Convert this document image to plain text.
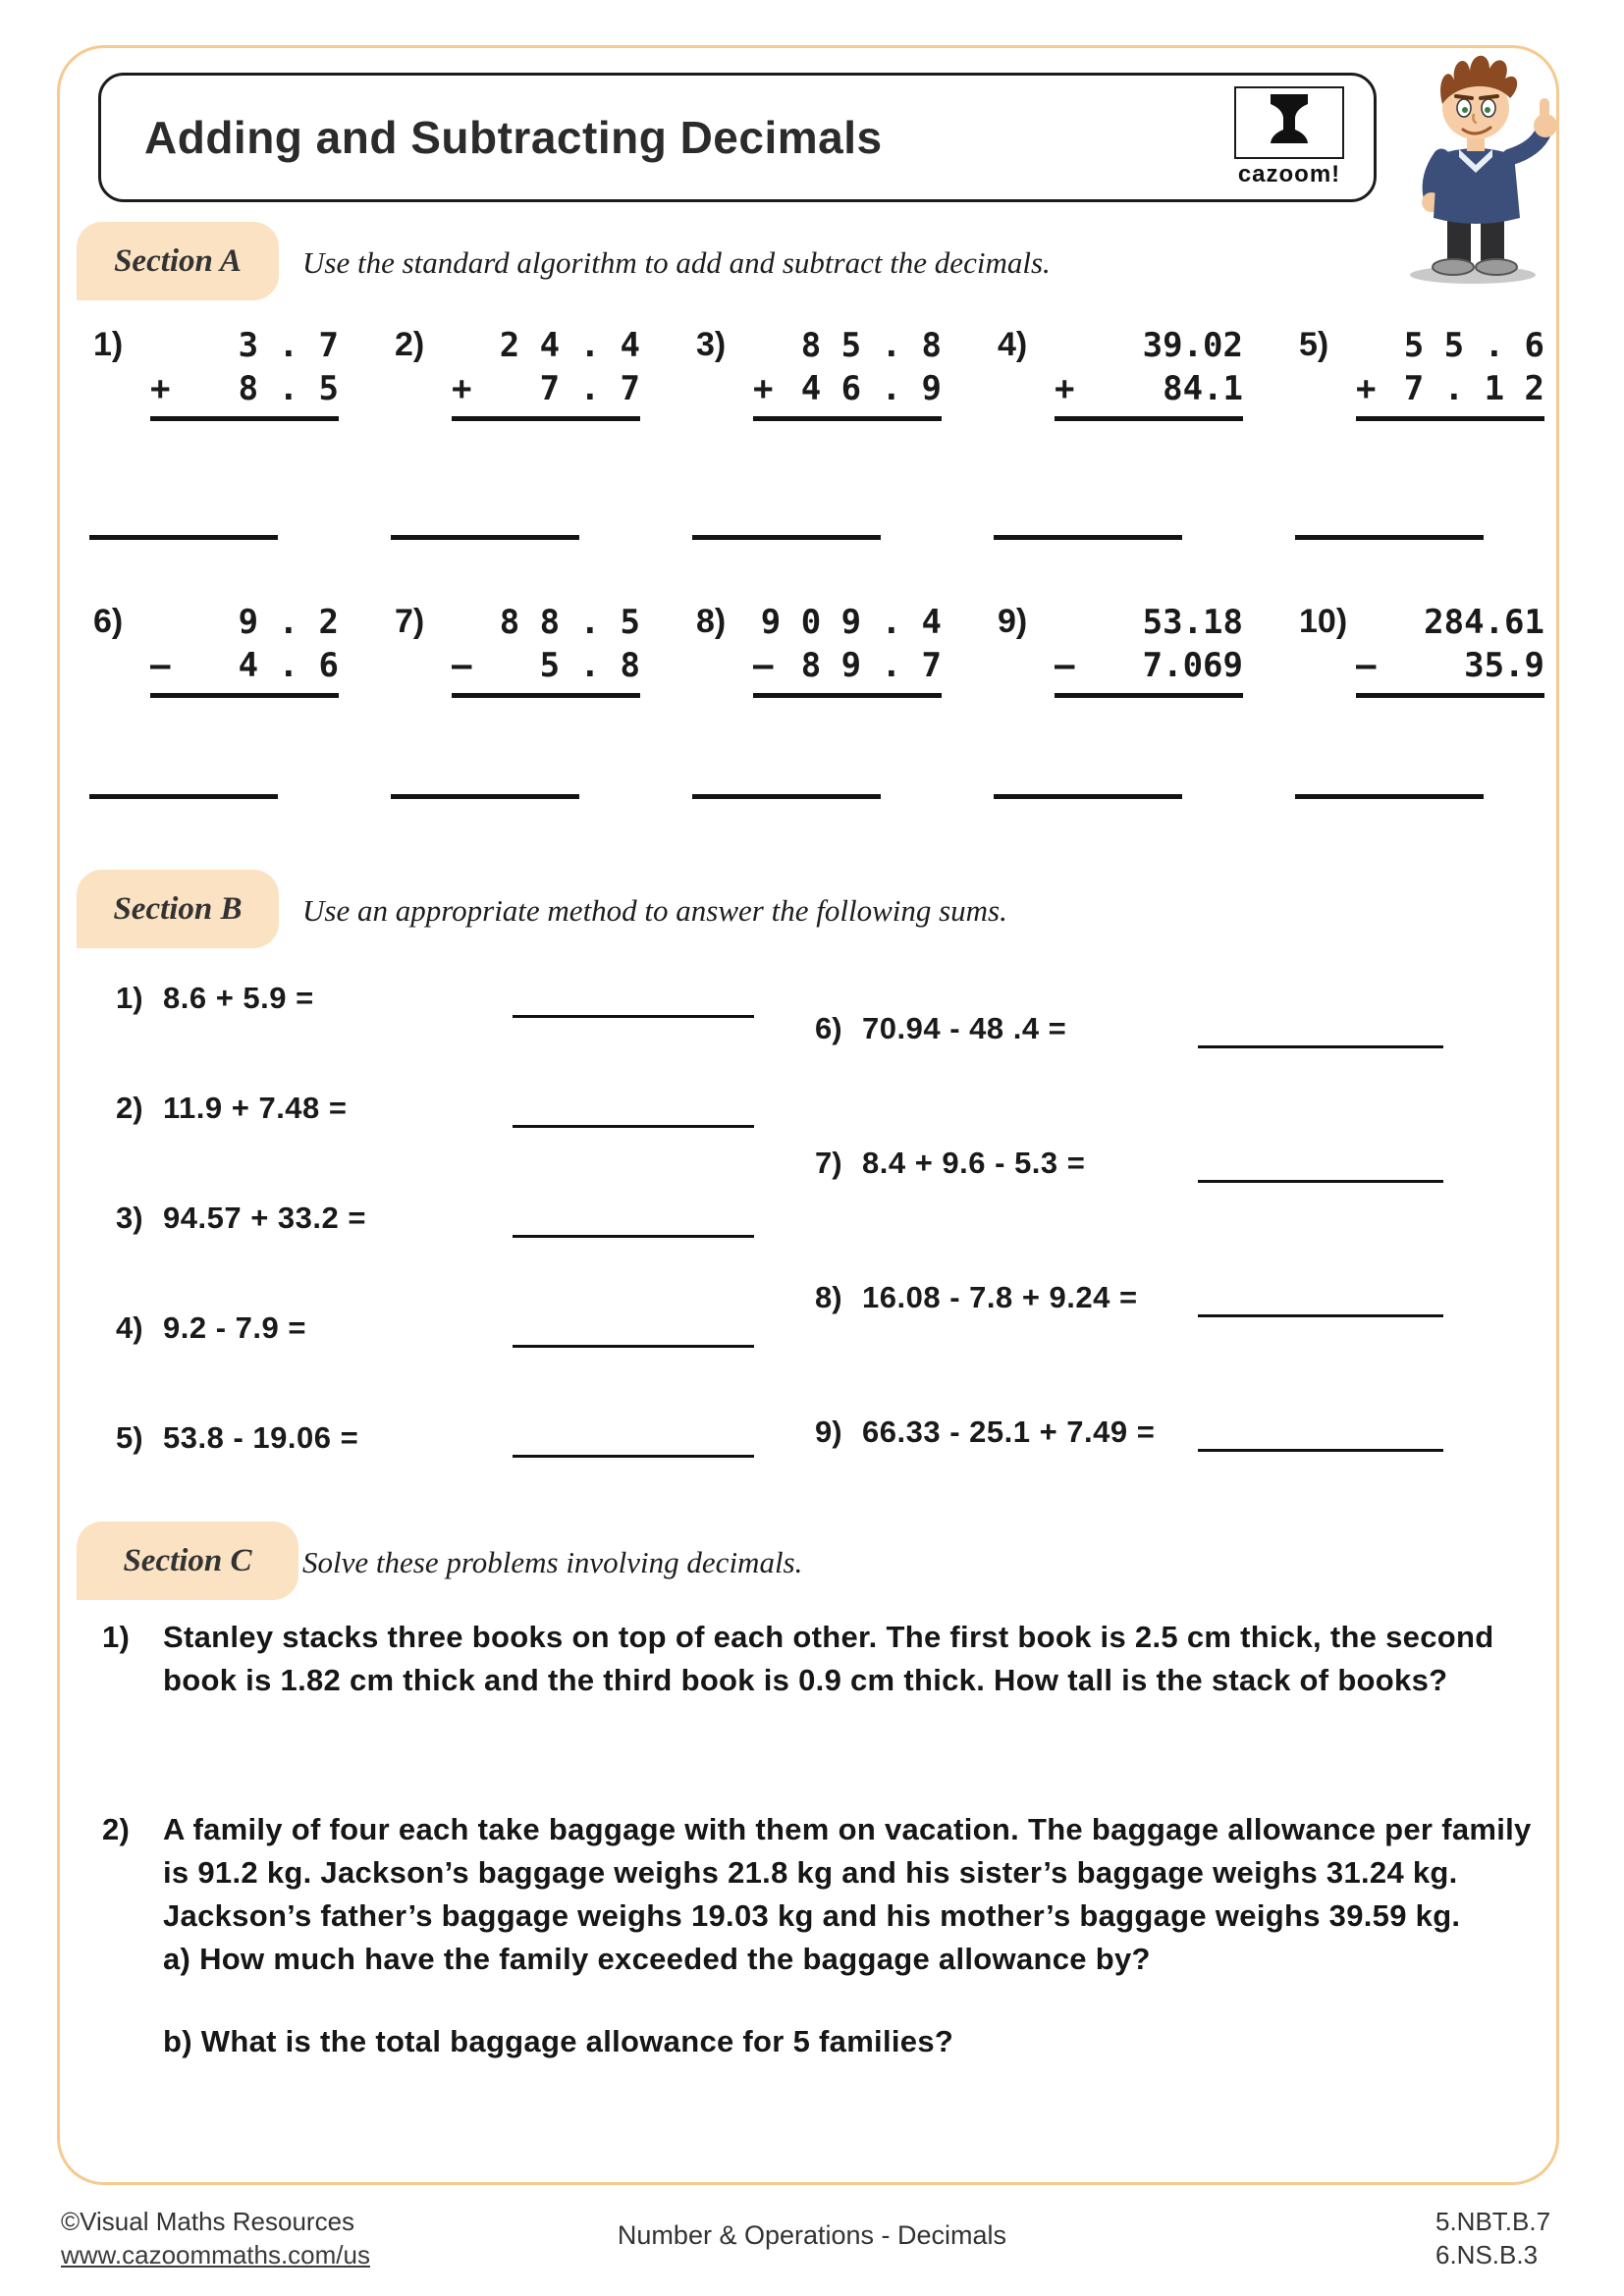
Adding and Subtracting Decimals
cazoom!
Section A	Use the standard algorithm to add and subtract the decimals.
1)	3 . 7
+ 8 . 5
2)	2 4 . 4
+ 7 . 7
3)	8 5 . 8
+ 4 6 . 9
4)	39.02
+	84.1
5)	5 5 . 6
+ 7 . 1 2
6)	9 . 2
– 4 . 6
7)	8 8 . 5
– 5 . 8
8)	9 0 9 . 4
– 8 9 . 7
9)	53.18
– 7.069
10)	284.61
–	35.9
Section B	Use an appropriate method to answer the following sums.
1) 8.6 + 5.9 =
2) 11.9 + 7.48 =
3) 94.57 + 33.2 =
4) 9.2 - 7.9 =
5) 53.8 - 19.06 =
6) 70.94 - 48 .4 =
7) 8.4 + 9.6 - 5.3 =
8) 16.08 - 7.8 + 9.24 =
9) 66.33 - 25.1 + 7.49 =
Section C	Solve these problems involving decimals.
1)	Stanley stacks three books on top of each other. The first book is 2.5 cm thick, the second book is 1.82 cm thick and the third book is 0.9 cm thick. How tall is the stack of books?
2)	A family of four each take baggage with them on vacation. The baggage allowance per family is 91.2 kg. Jackson’s baggage weighs 21.8 kg and his sister’s baggage weighs 31.24 kg. Jackson’s father’s baggage weighs 19.03 kg and his mother’s baggage weighs 39.59 kg.
a) How much have the family exceeded the baggage allowance by?
b) What is the total baggage allowance for 5 families?
©Visual Maths Resources
www.cazoommaths.com/us
Number & Operations - Decimals	5.NBT.B.7
6.NS.B.3
